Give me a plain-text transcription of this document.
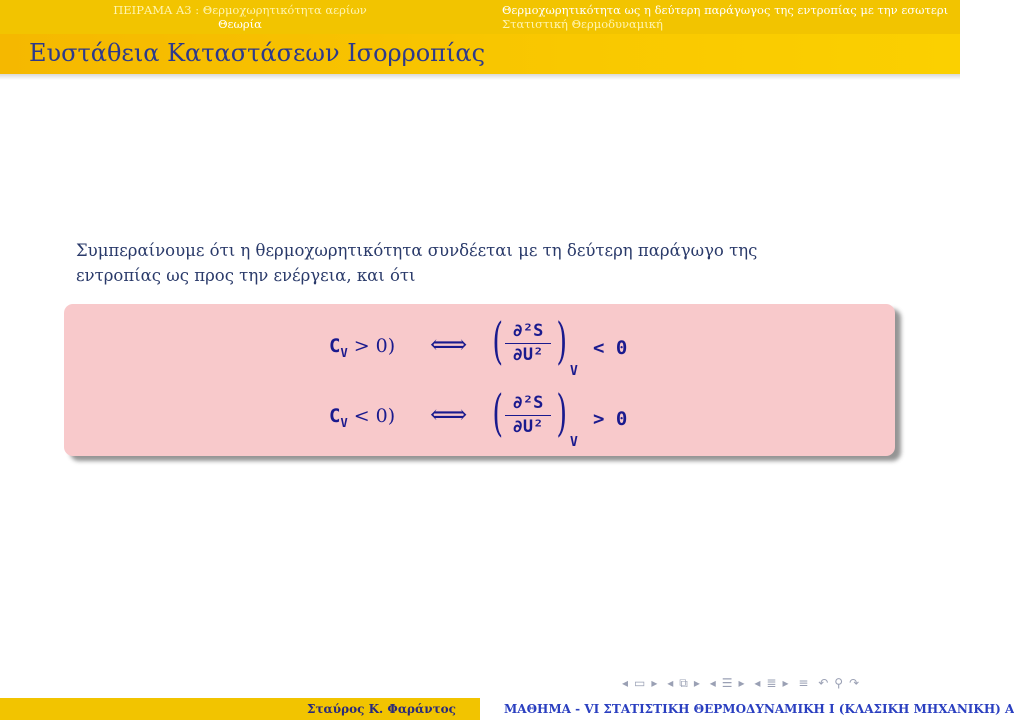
ΠΕΙΡΑΜΑ Α3 : Θερμοχωρητικότητα αερίων
Θεωρία
Θερμοχωρητικότητα ως η δεύτερη παράγωγος της εντροπίας με την εσωτερι
Στατιστική Θερμοδυναμική
Ευστάθεια Καταστάσεων Ισορροπίας
Συμπεραίνουμε ότι η θερμοχωρητικότητα συνδέεται με τη δεύτερη παράγωγο της εντροπίας ως προς την ενέργεια, και ότι
$C_V > 0$) ⟺ ( $\frac{\text{∂²S}}{\text{∂U²}}$ )
V
< 0
$C_V < 0$) ⟺ ( $\frac{\text{∂²S}}{\text{∂U²}}$ )
V
> 0
◂ ▭ ▸ ◂ ⧉ ▸ ◂ ☰ ▸ ◂ ≣ ▸ ≡ ↶ ⚲ ↷
Σταύρος Κ. Φαράντος	ΜΑΘΗΜΑ - VI ΣΤΑΤΙΣΤΙΚΗ ΘΕΡΜΟΔΥΝΑΜΙΚΗ Ι (ΚΛΑΣΙΚΗ ΜΗΧΑΝΙΚΗ) A
